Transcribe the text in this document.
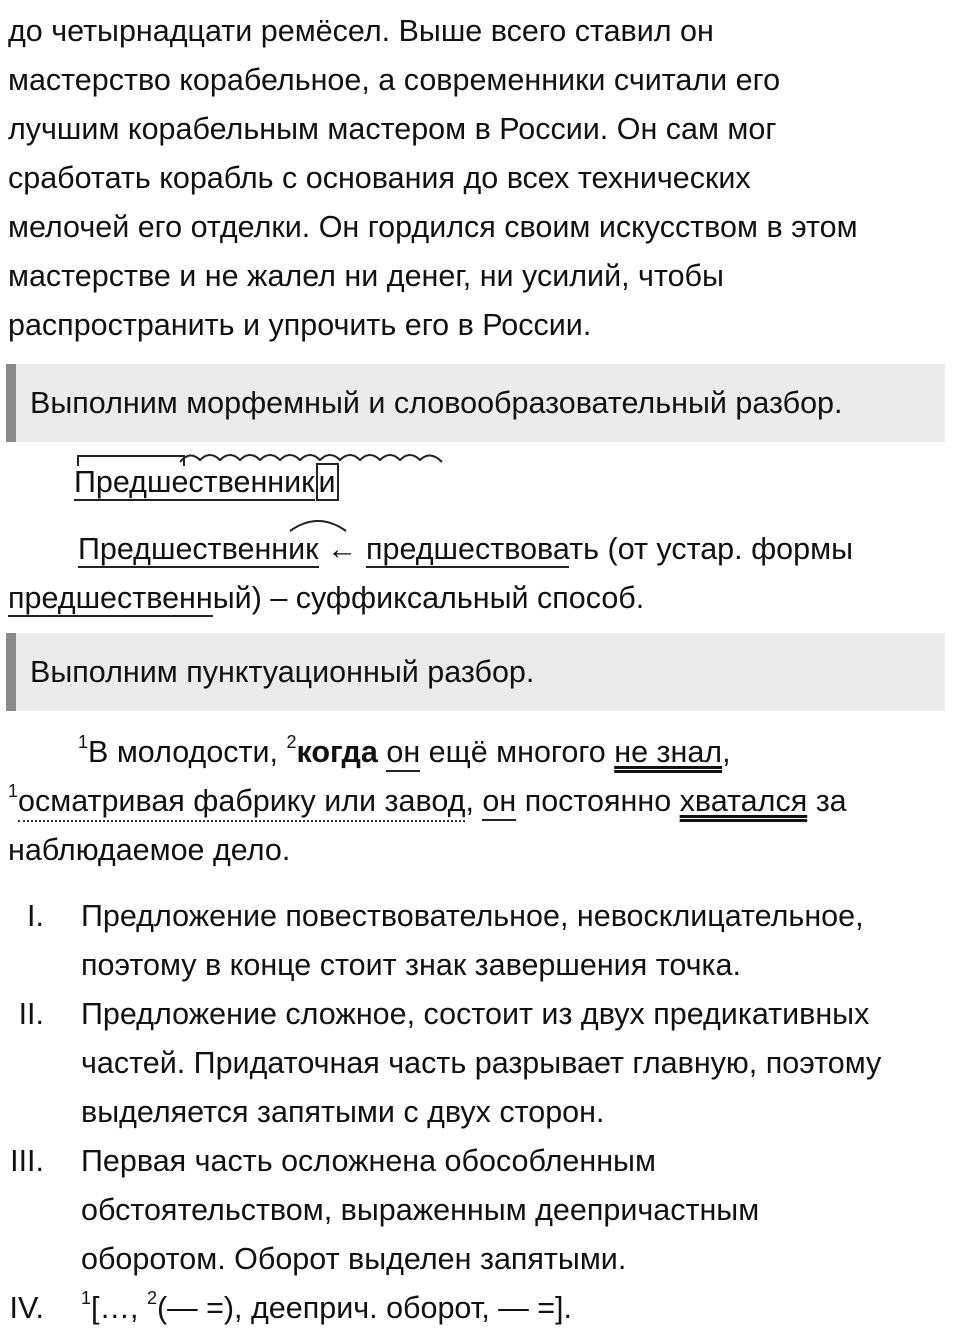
до четырнадцати ремёсел. Выше всего ставил он
мастерство корабельное, а современники считали его
лучшим корабельным мастером в России. Он сам мог
сработать корабль с основания до всех технических
мелочей его отделки. Он гордился своим искусством в этом
мастерстве и не жалел ни денег, ни усилий, чтобы
распространить и упрочить его в России.
Выполним морфемный и словообразовательный разбор.
Предшественник и
Предшественник ← предшествовать (от устар. формы
предшественный) – суффиксальный способ.
Выполним пунктуационный разбор.
$^1$В молодости, $^2$когда он ещё многого не знал,
$^1$осматривая фабрику или завод, он постоянно хватался за
наблюдаемое дело.
I. Предложение повествовательное, невосклицательное,
поэтому в конце стоит знак завершения точка.
II. Предложение сложное, состоит из двух предикативных
частей. Придаточная часть разрывает главную, поэтому
выделяется запятыми с двух сторон.
III. Первая часть осложнена обособленным
обстоятельством, выраженным деепричастным
оборотом. Оборот выделен запятыми.
IV. $^1$[…, $^2$(— =), дееприч. оборот, — =].
